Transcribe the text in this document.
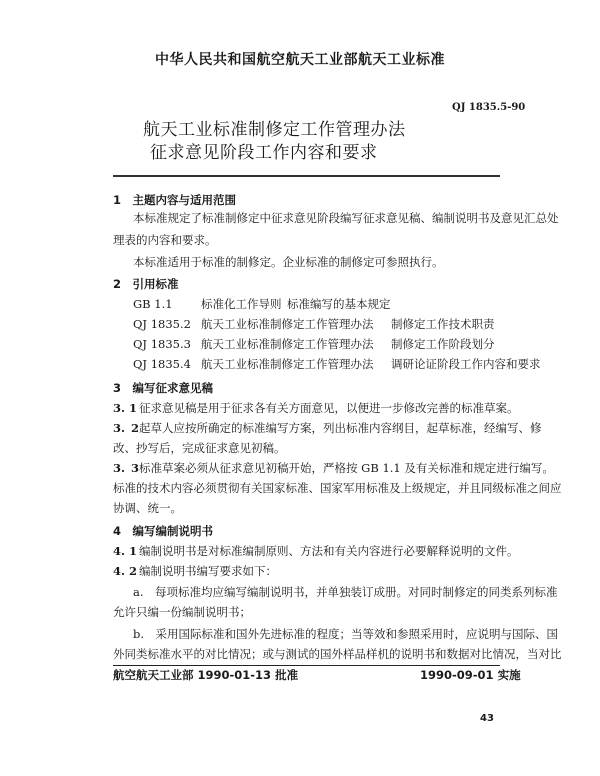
中华人民共和国航空航天工业部航天工业标准
QJ 1835.5-90
航天工业标准制修定工作管理办法
征求意见阶段工作内容和要求
1　主题内容与适用范围
本标准规定了标准制修定中征求意见阶段编写征求意见稿、编制说明书及意见汇总处
理表的内容和要求。
本标准适用于标准的制修定。企业标准的制修定可参照执行。
2　引用标准
GB 1.1 标准化工作导则 标准编写的基本规定
QJ 1835.2 航天工业标准制修定工作管理办法 制修定工作技术职责
QJ 1835.3 航天工业标准制修定工作管理办法 制修定工作阶段划分
QJ 1835.4 航天工业标准制修定工作管理办法 调研论证阶段工作内容和要求
3　编写征求意见稿
3. 1 征求意见稿是用于征求各有关方面意见，以便进一步修改完善的标准草案。
3. 2起草人应按所确定的标准编写方案，列出标准内容纲目，起草标准，经编写、修
改、抄写后，完成征求意见初稿。
3. 3标准草案必须从征求意见初稿开始，严格按 GB 1.1 及有关标准和规定进行编写。
标准的技术内容必须贯彻有关国家标准、国家军用标准及上级规定，并且同级标准之间应
协调、统一。
4　编写编制说明书
4. 1 编制说明书是对标准编制原则、方法和有关内容进行必要解释说明的文件。
4. 2 编制说明书编写要求如下：
a.　每项标准均应编写编制说明书，并单独装订成册。对同时制修定的同类系列标准
允许只编一份编制说明书；
b.　采用国际标准和国外先进标准的程度；当等效和参照采用时，应说明与国际、国
外同类标准水平的对比情况；或与测试的国外样品样机的说明书和数据对比情况，当对比
航空航天工业部 1990-01-13 批准	1990-09-01 实施
43
